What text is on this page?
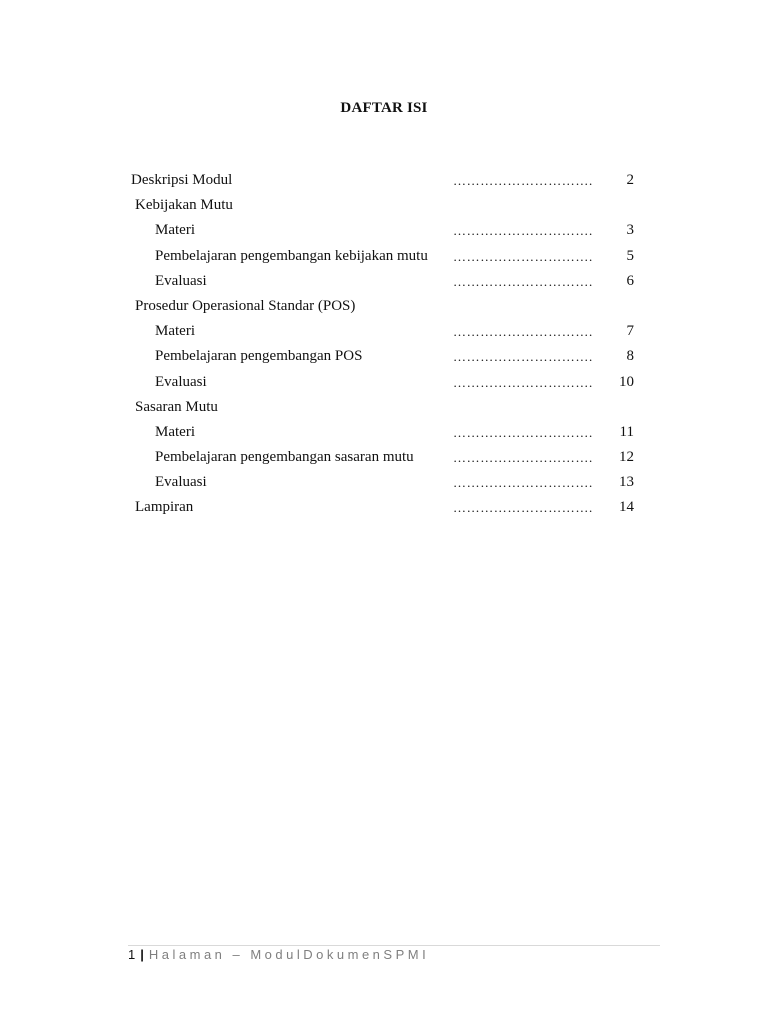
DAFTAR ISI
Deskripsi Modul	………………………….	2
Kebijakan Mutu
Materi	………………………….	3
Pembelajaran pengembangan kebijakan mutu ………………………….	5
Evaluasi	………………………….	6
Prosedur Operasional Standar (POS)
Materi	………………………….	7
Pembelajaran pengembangan POS	………………………….	8
Evaluasi	………………………….	10
Sasaran Mutu
Materi	………………………….	11
Pembelajaran pengembangan sasaran mutu	………………………….	12
Evaluasi	………………………….	13
Lampiran	………………………….	14
1 | Halaman – ModulDokumenSPMI
